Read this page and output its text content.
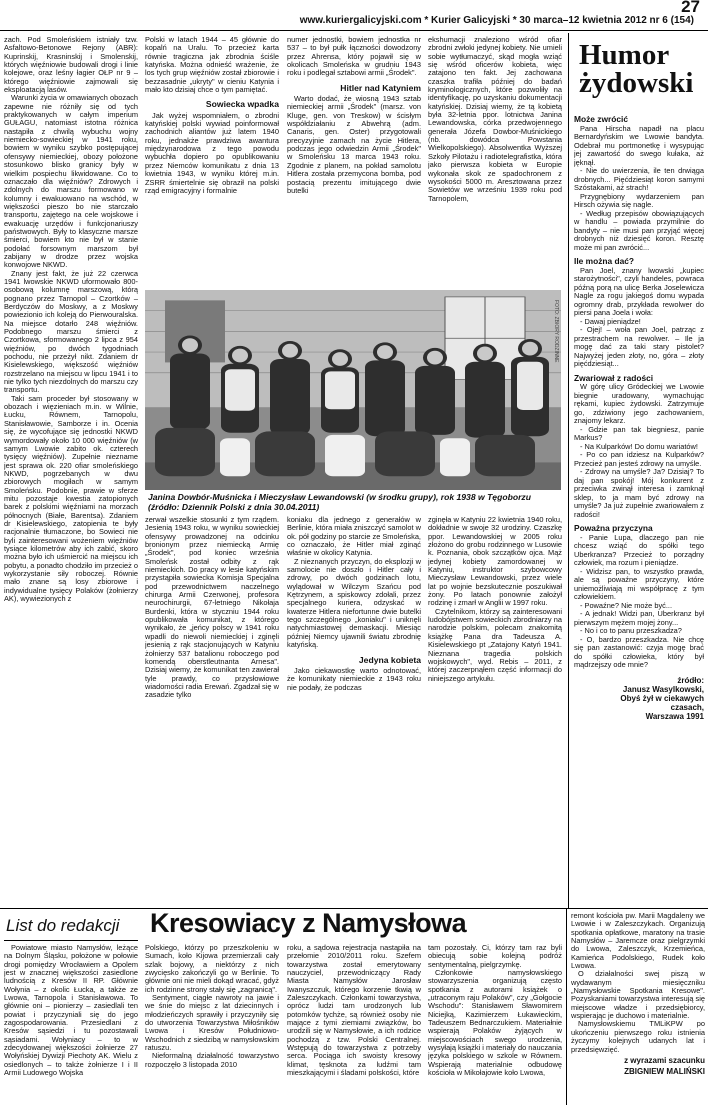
www.kuriergalicyjski.com * Kurier Galicyjski * 30 marca–12 kwietnia 2012 nr 6 (154)
27

zach. Pod Smoleńskiem istniały tzw. Asfaltowo-Betonowe Rejony (ABR): Kuprinskij, Krasninskij i Smolenskij, których więźniowie budowali drogi i linie kolejowe, oraz leśny łagier OŁP nr 9 – którego więźniowie zajmowali się eksploatacją lasów.

Warunki życia w omawianych obozach zapewne nie różniły się od tych praktykowanych w całym imperium GUŁAGU, natomiast istotna różnica nastąpiła z chwilą wybuchu wojny niemiecko-sowieckiej w 1941 roku, bowiem w wyniku szybko postępującej ofensywy niemieckiej, obozy położone stosunkowo blisko granicy były w wielkim pospiechu likwidowane. Co to oznaczało dla więźniów? Zdrowych i zdolnych do marszu formowano w kolumny i ewakuowano na wschód, w większości pieszo bo nie starczało transportu, zajętego na cele wojskowe i ewakuację urzędów i funkcjonariuszy państwowych. Były to klasyczne marsze śmierci, bowiem kto nie był w stanie podołać forsownym marszom był zabijany w drodze przez wojska konwojowe NKWD.

Znany jest fakt, że już 22 czerwca 1941 lwowskie NKWD uformowało 800-osobową kolumnę marszową, którą pognano przez Tarnopol – Czortków – Berdyczów do Moskwy, a z Moskwy powiezionio ich koleją do Pierwouralska. Na miejsce dotarło 248 więźniów. Podobnego marszu śmierci z Czortkowa, sformowanego 2 lipca z 954 więźniów, po dwóch tygodniach pochodu, nie przeżył nikt. Zdaniem dr Kisielewskiego, większość więźniów rozstrzelano na miejscu w lipcu 1941 i to nie tylko tych niezdolnych do marszu czy transportu.

Taki sam proceder był stosowany w obozach i więzieniach m.in. w Wilnie, Łucku, Równem, Tarnopolu, Stanisławowie, Samborze i in. Ocenia się, że wycofujące się jednostki NKWD wymordowały około 10 000 więźniów (w samym Lwowie zabito ok. czterech tysięcy więźniów). Zupełnie niezname jest sprawa ok. 220 ofiar smoleńskiego NKWD, pogrzebanych w dwu zbiorowych mogiłach w samym Smoleńsku. Podobnie, prawie w sferze mitu pozostaje kwestia zatopionych barek z polskimi więźniami na morzach północnych (Białe, Barentsa). Zdaniem dr Kisielewskiego, zatopienia te były racjonalnie tłumaczone, bo Sowieci nie byli zainteresowani wożeniem więźniów tysiące kilometrów aby ich zabić, skoro można było ich uśmiercić na miejscu ich pobytu, a ponadto chodziło im przecież o wykorzystanie siły roboczej. Równie mało znane są losy zbiorowe i indywidualne tysięcy Polaków (żołnierzy AK), wywiezionych z

Polski w latach 1944 – 45 głównie do kopalń na Uralu. To przecież karta równie tragiczna jak zbrodnia ściśle katyńska. Można odnieść wrażenie, że los tych grup więźniów został zbiorowie i bezzasadnie „ukryty" w cieniu Katynia i mało kto dzisiaj chce o tym pamiętać.

Sowiecka wpadka

Jak wyżej wspomniałem, o zbrodni katyńskiej polski wywiad poinformował zachodnich aliantów już latem 1940 roku, jednakże prawdziwa awantura międzynarodowa z tego powodu wybuchła dopiero po opublikowaniu przez Niemców komunikatu z dnia 13 kwietnia 1943, w wyniku której m.in. ZSRR śmiertelnie się obraził na polski rząd emigracyjny i formalnie

numer jednostki, bowiem jednostka nr 537 – to był pułk łączności dowodzony przez Ahrensa, który pojawił się w okolicach Smoleńska w grudniu 1943 roku i podlegał sztabowi armii „Środek".

Hitler nad Katyniem

Warto dodać, że wiosną 1943 sztab niemieckiej armii „Środek" (marsz. von Kluge, gen. von Treskow) w ścisłym współdziałaniu z Abwehrą (adm. Canaris, gen. Oster) przygotowali precyzyjnie zamach na życie Hitlera, podczas jego odwiedzin Armii „Środek" w Smoleńsku 13 marca 1943 roku. Zgodnie z planem, na pokład samolotu Hitlera została przemycona bomba, pod postacią prezentu imitującego dwie butelki

ekshumacji znaleziono wśród ofiar zbrodni zwłoki jedynej kobiety. Nie umieli sobie wytłumaczyć, skąd mogła wziąć się wśród oficerów kobieta, więc zatajono ten fakt. Jej zachowana czaszka trafiła później do badań kryminologicznych, które pozwoliły na identyfikację, po uzyskaniu dokumentacji katyńskiej. Dzisiaj wiemy, że tą kobietą była 32-letnia ppor. lotnictwa Janina Lewandowska, córka przedwojennego generała Józefa Dowbor-Muśnickiego (nb. dowódca Powstania Wielkopolskiego). Absolwentka Wyższej Szkoły Pilotażu i radiotelegrafistka, która jako pierwsza kobieta w Europie wykonała skok ze spadochronem z wysokości 5000 m. Aresztowana przez Sowietów we wrześniu 1939 roku pod Tarnopolem,

FOTO: ZBIORY RODZINNE
Janina Dowbór-Muśnicka i Mieczysław Lewandowski (w środku grupy), rok 1938 w Tęgoborzu (źródło: Dziennik Polski z dnia 30.04.2011)
Humor
żydowski
Może zwrócić

Pana Hirscha napadł na placu Bernardyńskim we Lwowie bandyta. Odebrał mu portmonetkę i wysypując jej zawartość do swego kułaka, aż jęknął.

- Nie do uwierzenia, ile ten drwiąga drobnych... Pięćdziesiąt koron samymi Szóstakami, aż strach!

Przygnębiony wydarzeniem pan Hirsch ożywia się nagle.

- Według przepisów obowiązujących w handlu – powiada przymilnie do bandyty – nie musi pan przyjąć więcej drobnych niż dziesięć koron. Resztę może mi pan zwrócić...

Ile można dać?

Pan Joel, znany lwowski „kupiec starożytności", czyli handeles, powraca późną porą na ulicę Berka Joselewicza Nagle za rogu jakiegoś domu wypada ogromny drab, przykłada rewolwer do piersi pana Joela i woła:

- Dawaj pieniądze!

- Ojej! – woła pan Joel, patrząc z przestrachem na rewolwer. – Ile ja mogę dać za taki stary pistolet? Najwyżej jeden złoty, no, góra – złoty pięćdziesiąt...

Zwariował z radości

W górę ulicy Gródeckiej we Lwowie biegnie uradowany, wymachując rękami, kupiec żydowski. Zatrzymuje go, zdziwiony jego zachowaniem, znajomy lekarz.

- Gdzie pan tak biegniesz, panie Markus?

- Na Kulparków! Do domu wariatów!

- Po co pan idziesz na Kulparków? Przecież pan jesteś zdrowy na umyśle.

- Zdrowy na umyśle? Ja? Dzisiaj? To daj pan spokój! Mój konkurent z przeciwka zwinął interesa i zamknął sklep, to ja mam być zdrowy na umyśle? Ja już zupełnie zwariowałem z radości!

Poważna przyczyna

- Panie Lupa, dlaczego pan nie chcesz wziąć do spółki tego Uberkranza? Przecież to porządny człowiek, ma rozum i pieniądze.

- Widzisz pan, to wszystko prawda, ale są powaźne przyczyny, które uniemożliwiają mi współpracę z tym człowiekiem.

- Powaźne? Nie może być...

- A jednak! Widzi pan, Uberkranz był pierwszym mężem mojej żony...

- No i co to panu przeszkadza?

- O, bardzo przeszkadza. Nie chcę się pan zastanowić: czyja mogę brać do spółki człowieka, który był mądrzejszy ode mnie?

źródło:
Janusz Wasylkowski,
Obyś żył w ciekawych
czasach,
Warszawa 1991
List do redakcji	Kresowiacy z Namysłowa

Powiatowe miasto Namysłów, leżące na Dolnym Śląsku, położone w połowie drogi pomiędzy Wrocławiem a Opolem jest w znacznej większości zasiedlone ludnością z Kresów II RP. Głównie Wołynia – z okolic Łucka, a także ze Lwowa, Tarnopola i Stanisławowa. To głównie oni – pionierzy – zasiedlali ten powiat i przyczyniali się do jego zagospodarowania. Przesiedlani z Kresów sąsiedzi i tu pozostawali sąsiadami. Wołyniacy – to w zdecydowanej większości żołnierze 27 Wołyńskiej Dywizji Piechoty AK. Wielu z osiedlonych – to także żołnierze I i II Armii Ludowego Wojska

Polskiego, którzy po przeszkoleniu w Sumach, koło Kijowa przemierzali cały szlak bojowy, a niektórzy z nich zwycięsko zakończyli go w Berlinie. To głównie oni nie mieli dokąd wracać, gdyż ich rodzinne strony stały się „zagranicą".

Sentyment, ciągłe nawroty na jawie i we śnie do miejsc z lat dziecinnych i młodzieńczych sprawiły i przyczyniły się do utworzenia Towarzystwa Miłośników Lwowa i Kresów Południowo-Wschodnich z siedzibą w namysłowskim ratuszu.

Nieformalną działalność towarzystwo rozpoczęło 3 listopada 2010

roku, a sądowa rejestracja nastąpiła na przełomie 2010/2011 roku. Szefem towarzystwa został emerytowany nauczyciel, przewodniczący Rady Miasta Namysłów Jarosław Iwanyszczuk, którego korzenie tkwią w Zaleszczykach. Członkami towarzystwa, oprócz ludzi tam urodzonych lub potomków tychże, są również osoby nie mające z tymi ziemiami związków, bo urodzili się w Namysłowie, a ich rodzice pochodzą z tzw. Polski Centralnej. Wstępują do towarzystwa z potrzeby serca. Pociąga ich swoisty kresowy klimat, tęsknota za ludźmi tam mieszkającymi i śladami polskości, które

tam pozostały. Ci, którzy tam raz byli obiecują sobie kolejną podróż sentymentalną, pielgrzymkę.

Członkowie namysłowskiego stowarzyszenia organizują często spotkania z autorami książek o „utraconym raju Polaków", czy „Gołgocie Wschodu": Stanisławem Sławomirem Niciejką, Kazimierzem Łukawieckim, Tadeuszem Bednarczukiem. Materiałnie wspierają Polaków żyjących w miejscowościach swego urodzenia, wysyłają książki i materiały do nauczania języka polskiego w szkole w Równem. Wspierają materialnie odbudowę kościoła w Mikołajowie koło Lwowa,

remont kościoła pw. Marii Magdaleny we Lwowie i w Zaleszczykach. Organizują spotkania opłatkowe, maratony na trasie Namysłów – Jaremcze oraz pielgrzymki do Lwowa, Zaleszczyk, Krzemieńca, Kamieńca Podolskiego, Rudek koło Lwowa.

O działalności swej piszą w wydawanym miesięczniku „Namysłowskie Spotkania Kresowe". Pozyskaniami towarzystwa interesują się miejscowe władze i przedsiębiorcy, wspierając je duchowo i materialnie.

Namysłowskiemu TMLiKPW po ukończeniu pierwszego roku istnienia życzymy kolejnych udanych lat i przedsięwzięć.

z wyrazami szacunku
ZBIGNIEW MALIŃSKI

zerwał wszelkie stosunki z tym rządem. Jesienią 1943 roku, w wyniku sowieckiej ofensywy prowadzonej na odcinku bronionym przez niemiecką Armię „Środek", pod koniec września Smoleńsk został odbity z rąk niemieckich. Do pracy w lesie katyńskim przystąpiła sowiecka Komisja Specjalna pod przewodnictwem naczelnego chirurga Armii Czerwonej, profesora neurochirurgii, 67-letniego Nikołaja Burdenki, która w styczniu 1944 roku opublikowała komunikat, z którego wynikało, że „jeńcy polscy w 1941 roku wpadli do niewoli niemieckiej i zginęli jesienią z rąk stacjonujących w Katyniu żołnierzy 537 batalionu roboczego pod komendą oberstleutnanta Arnesa". Dzisiaj wiemy, że komunikat ten zawierał tyle prawdy, co przysłowiowe wiadomości radia Erewań. Zgadzał się w zasadzie tylko

koniaku dla jednego z generałów w Berlinie, która miała zniszczyć samolot w ok. pół godziny po starcie ze Smoleńska, co oznaczało, że Hitler miał zginąć właśnie w okolicy Katynia.

Z nieznanych przyczyn, do eksplozji w samolocie nie doszło i Hitler cały i zdrowy, po dwóch godzinach lotu, wylądował w Wilczym Szańcu pod Kętrzynem, a spiskowcy zdołali, przez specjalnego kuriera, odzyskać w kwaterze Hitlera niefortunne dwie butelki tego szczególnego „koniaku" i uniknęli natychmiastowej demaskacji. Miesiąc później Niemcy ujawnili światu zbrodnię katyńską.

Jedyna kobieta

Jako ciekawostkę warto odnotować, że komunikaty niemieckie z 1943 roku nie podały, że podczas

zginęła w Katyniu 22 kwietnia 1940 roku, dokładnie w swoje 32 urodziny. Czaszkę ppor. Lewandowskiej w 2005 roku złożono do grobu rodzinnego w Lusowie k. Poznania, obok szczątków ojca. Mąż jedynej kobiety zamordowanej w Katyniu, instruktor szybowcowy Mieczysław Lewandowski, przez wiele lat po wojnie bezskutecznie poszukiwał żony. Po latach ponownie założył rodzinę i zmarł w Anglii w 1997 roku.

Czytelnikom, którzy są zainteresowani ludobójstwem sowieckich zbrodniarzy na narodzie polskim, polecam znakomitą książkę Pana dra Tadeusza A. Kisielewskiego pt „Zatajony Katyń 1941. Nieznana tragedia polskich wojskowych", wyd. Rebis – 2011, z której zaczerpnąłem część informacji do niniejszego artykułu.
